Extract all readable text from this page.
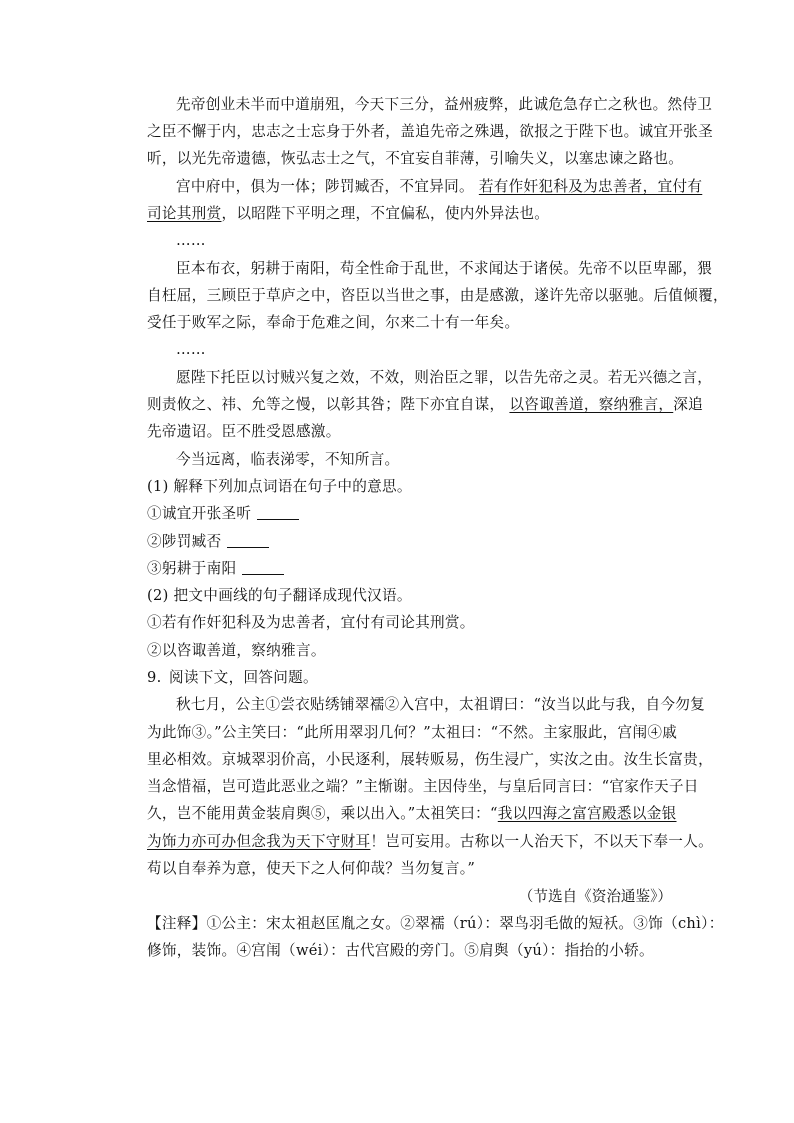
先帝创业未半而中道崩殂，今天下三分，益州疲弊，此诚危急存亡之秋也。然侍卫
之臣不懈于内，忠志之士忘身于外者，盖追先帝之殊遇，欲报之于陛下也。诚宜开张圣
听，以光先帝遗德，恢弘志士之气，不宜妄自菲薄，引喻失义，以塞忠谏之路也。
宫中府中，俱为一体；陟罚臧否，不宜异同。 若有作奸犯科及为忠善者，宜付有
司论其刑赏，以昭陛下平明之理，不宜偏私，使内外异法也。
……
臣本布衣，躬耕于南阳，苟全性命于乱世，不求闻达于诸侯。先帝不以臣卑鄙，猥
自枉屈，三顾臣于草庐之中，咨臣以当世之事，由是感激，遂许先帝以驱驰。后值倾覆，
受任于败军之际，奉命于危难之间，尔来二十有一年矣。
……
愿陛下托臣以讨贼兴复之效，不效，则治臣之罪，以告先帝之灵。若无兴德之言，
则责攸之、祎、允等之慢，以彰其咎；陛下亦宜自谋， 以咨诹善道，察纳雅言，深追
先帝遗诏。臣不胜受恩感激。
今当远离，临表涕零，不知所言。
(1) 解释下列加点词语在句子中的意思。
①诚宜开张圣听
②陟罚臧否
③躬耕于南阳
(2) 把文中画线的句子翻译成现代汉语。
①若有作奸犯科及为忠善者，宜付有司论其刑赏。
②以咨诹善道，察纳雅言。
9. 阅读下文，回答问题。
秋七月，公主①尝衣贴绣铺翠襦②入宫中，太祖谓曰：“汝当以此与我，自今勿复
为此饰③。”公主笑曰：“此所用翠羽几何？”太祖曰：“不然。主家服此，宫闱④戚
里必相效。京城翠羽价高，小民逐利，展转贩易，伤生浸广，实汝之由。汝生长富贵，
当念惜福，岂可造此恶业之端？”主惭谢。主因侍坐，与皇后同言曰：“官家作天子日
久，岂不能用黄金装肩舆⑤，乘以出入。”太祖笑曰：“我以四海之富宫殿悉以金银
为饰力亦可办但念我为天下守财耳！岂可妄用。古称以一人治天下，不以天下奉一人。
苟以自奉养为意，使天下之人何仰哉？当勿复言。”
（节选自《资治通鉴》）
【注释】①公主：宋太祖赵匡胤之女。②翠襦（rú）：翠鸟羽毛做的短袄。③饰（chì）：
修饰，装饰。④宫闱（wéi）：古代宫殿的旁门。⑤肩舆（yú）：指抬的小轿。
